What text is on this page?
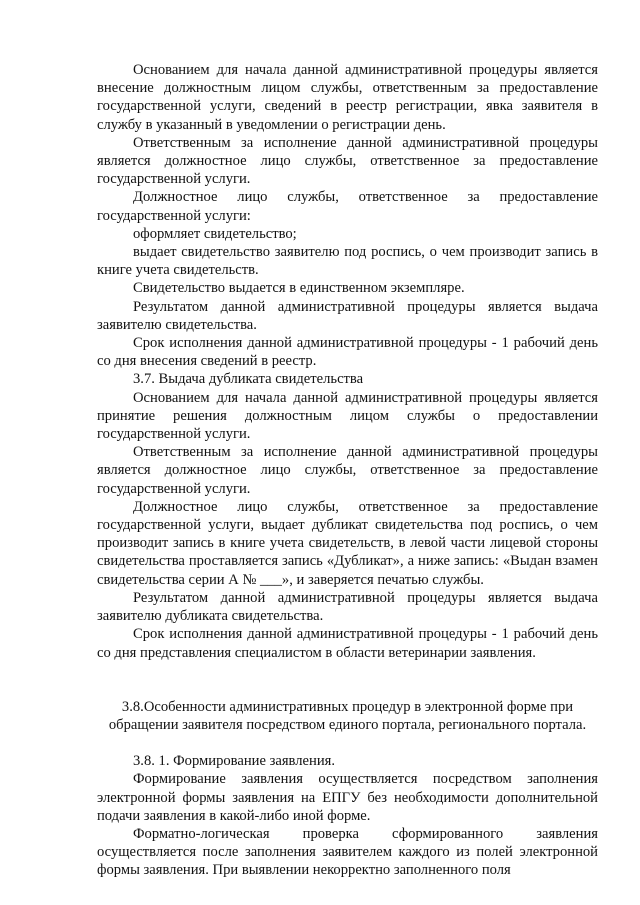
Основанием для начала данной административной процедуры является внесение должностным лицом службы, ответственным за предоставление государственной услуги, сведений в реестр регистрации, явка заявителя в службу в указанный в уведомлении о регистрации день.

Ответственным за исполнение данной административной процедуры является должностное лицо службы, ответственное за предоставление государственной услуги.

Должностное лицо службы, ответственное за предоставление государственной услуги:

оформляет свидетельство;

выдает свидетельство заявителю под роспись, о чем производит запись в книге учета свидетельств.

Свидетельство выдается в единственном экземпляре.

Результатом данной административной процедуры является выдача заявителю свидетельства.

Срок исполнения данной административной процедуры - 1 рабочий день со дня внесения сведений в реестр.

3.7. Выдача дубликата свидетельства

Основанием для начала данной административной процедуры является принятие решения должностным лицом службы о предоставлении государственной услуги.

Ответственным за исполнение данной административной процедуры является должностное лицо службы, ответственное за предоставление государственной услуги.

Должностное лицо службы, ответственное за предоставление государственной услуги, выдает дубликат свидетельства под роспись, о чем производит запись в книге учета свидетельств, в левой части лицевой стороны свидетельства проставляется запись «Дубликат», а ниже запись: «Выдан взамен свидетельства серии А № ___», и заверяется печатью службы.

Результатом данной административной процедуры является выдача заявителю дубликата свидетельства.

Срок исполнения данной административной процедуры - 1 рабочий день со дня представления специалистом в области ветеринарии заявления.

3.8.Особенности административных процедур в электронной форме при

обращении заявителя посредством единого портала, регионального портала.

3.8. 1. Формирование заявления.

Формирование заявления осуществляется посредством заполнения электронной формы заявления на ЕПГУ без необходимости дополнительной подачи заявления в какой-либо иной форме.

Форматно-логическая проверка сформированного заявления осуществляется после заполнения заявителем каждого из полей электронной формы заявления. При выявлении некорректно заполненного поля
